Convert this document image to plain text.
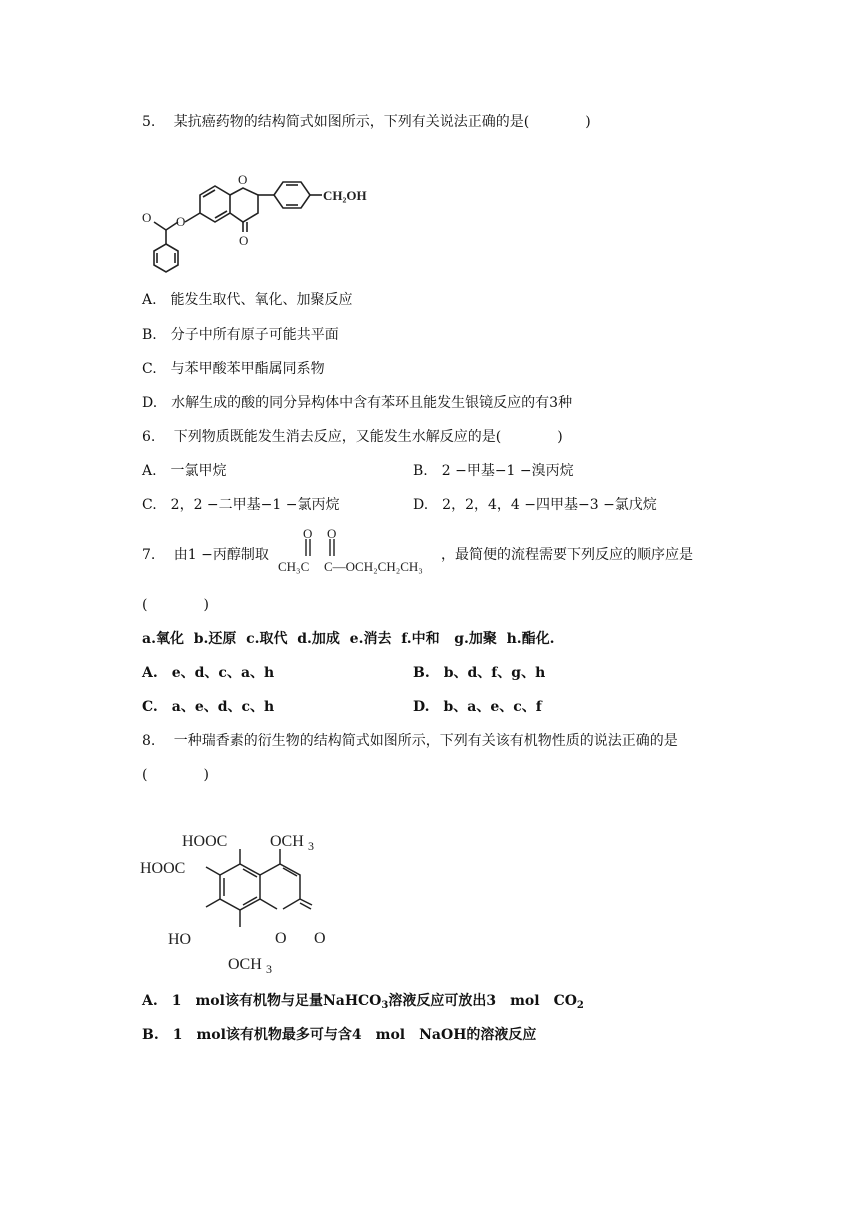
5.　 某抗癌药物的结构简式如图所示，下列有关说法正确的是(　　　　)
O
O
O
O
CH₂OH
A.　能发生取代、氧化、加聚反应
B.　分子中所有原子可能共平面
C.　与苯甲酸苯甲酯属同系物
D.　水解生成的酸的同分异构体中含有苯环且能发生银镜反应的有3种
6.　 下列物质既能发生消去反应，又能发生水解反应的是(　　　　)
A.　一氯甲烷	B.　2 −甲基−1 −溴丙烷
C.　2，2 −二甲基−1 −氯丙烷	D.　2，2，4，4 −四甲基−3 −氯戊烷
7.　 由1 −丙醇制取
O O
CH₃C C—OCH₂CH₂CH₃
，最简便的流程需要下列反应的顺序应是
(　　　　)
a.氧化  b.还原  c.取代  d.加成  e.消去  f.中和   g.加聚  h.酯化.
A.　e、d、c、a、h	B.　b、d、f、g、h
C.　a、e、d、c、h	D.　b、a、e、c、f
8.　 一种瑞香素的衍生物的结构简式如图所示，下列有关该有机物性质的说法正确的是
(　　　　)
HOOC	OCH 3
HOOC
HO	O O
OCH 3
A.　1　mol该有机物与足量NaHCO$_3$溶液反应可放出3　mol　$CO_2$
B.　1　mol该有机物最多可与含4　mol　NaOH的溶液反应
